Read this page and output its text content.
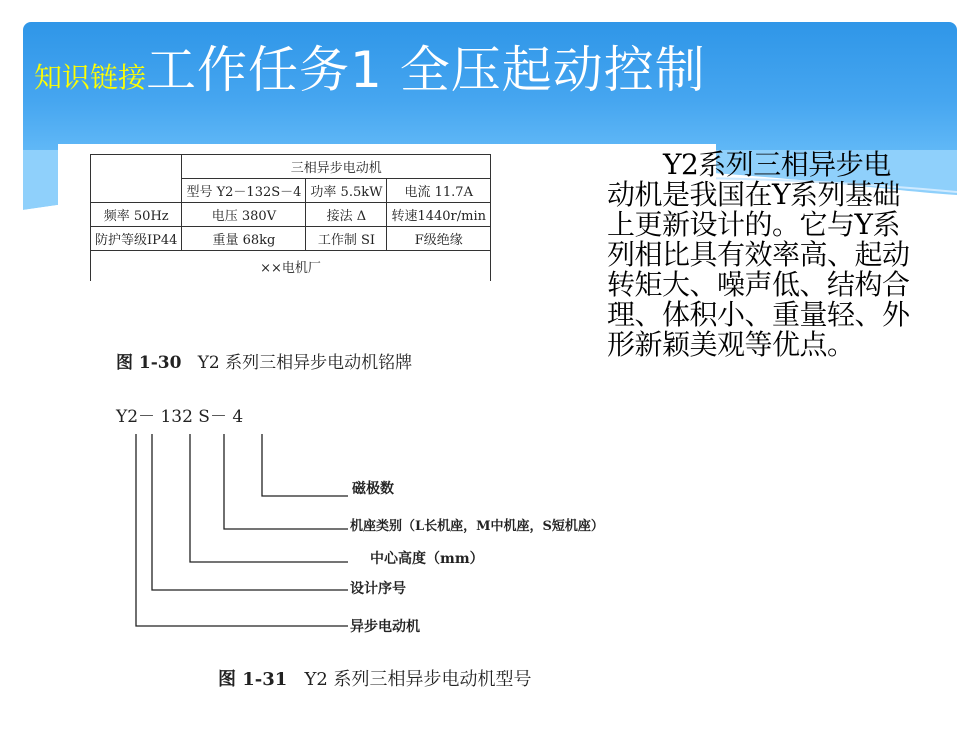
知识链接工作任务1 全压起动控制
	三相异步电动机		
	型号 Y2－132S－4	功率 5.5kW	电流 11.7A
频率 50Hz	电压 380V	接法 Δ	转速1440r/min
防护等级IP44	重量 68kg	工作制 SI	F级绝缘
××电机厂			
图 1-30 Y2 系列三相异步电动机铭牌
Y2－ 132 S－ 4
磁极数
机座类别（L长机座，M中机座，S短机座）
中心高度（mm）
设计序号
异步电动机
图 1-31 Y2 系列三相异步电动机型号

Y2系列三相异步电动机是我国在Y系列基础上更新设计的。它与Y系列相比具有效率高、起动转矩大、噪声低、结构合理、体积小、重量轻、外形新颖美观等优点。
